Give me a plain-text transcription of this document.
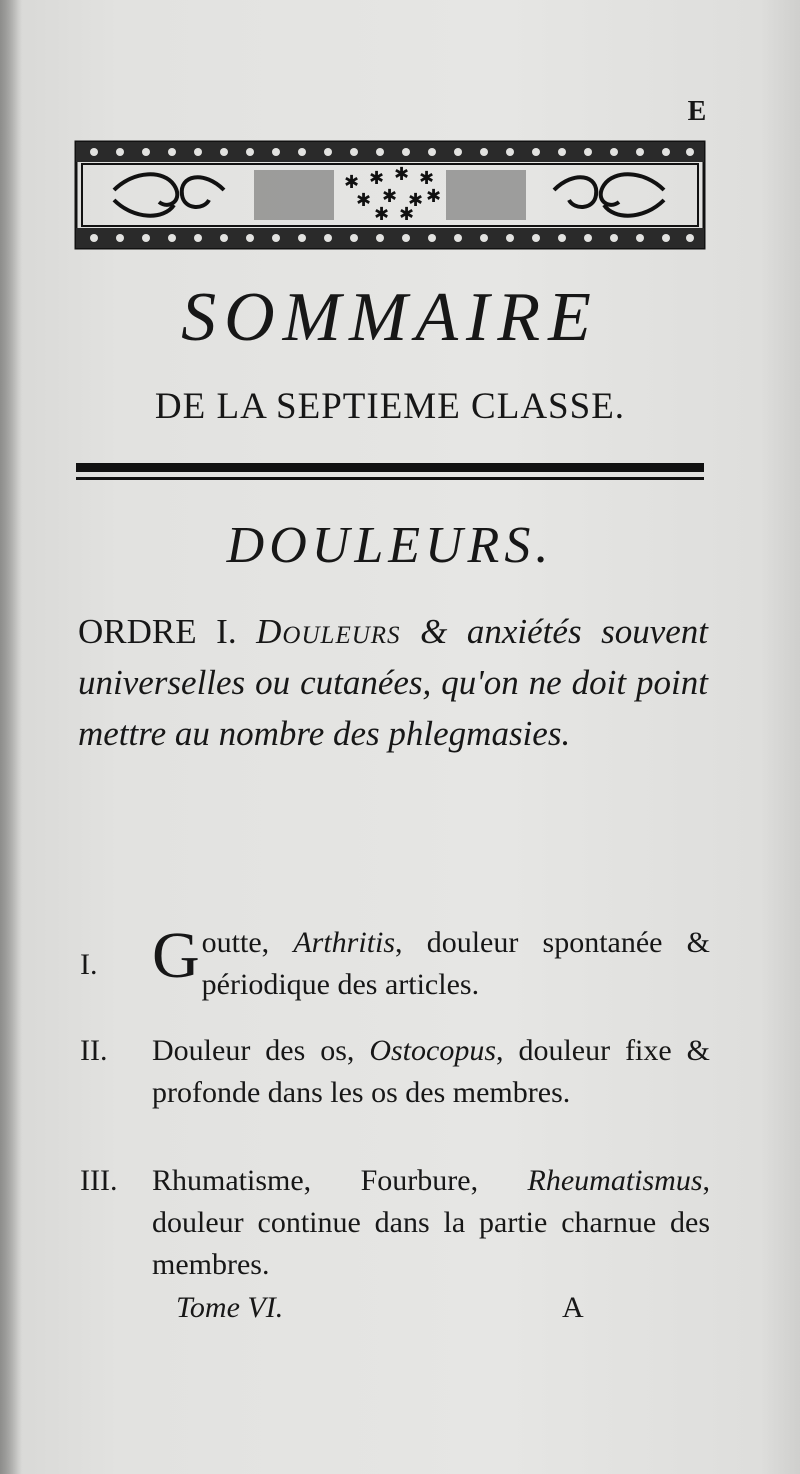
E
✱ ✱ ✱ ✱
✱ ✱ ✱ ✱
✱ ✱
SOMMAIRE
DE LA SEPTIEME CLASSE.
DOULEURS.
ORDRE I. Douleurs & anxiétés souvent universelles ou cutanées, qu'on ne doit point mettre au nombre des phlegmasies.
I. Goutte, Arthritis, douleur spontanée & périodique des articles.
II. Douleur des os, Ostocopus, douleur fixe & profonde dans les os des membres.
III. Rhumatisme, Fourbure, Rheumatismus, douleur continue dans la partie charnue des membres.
Tome VI.	A
